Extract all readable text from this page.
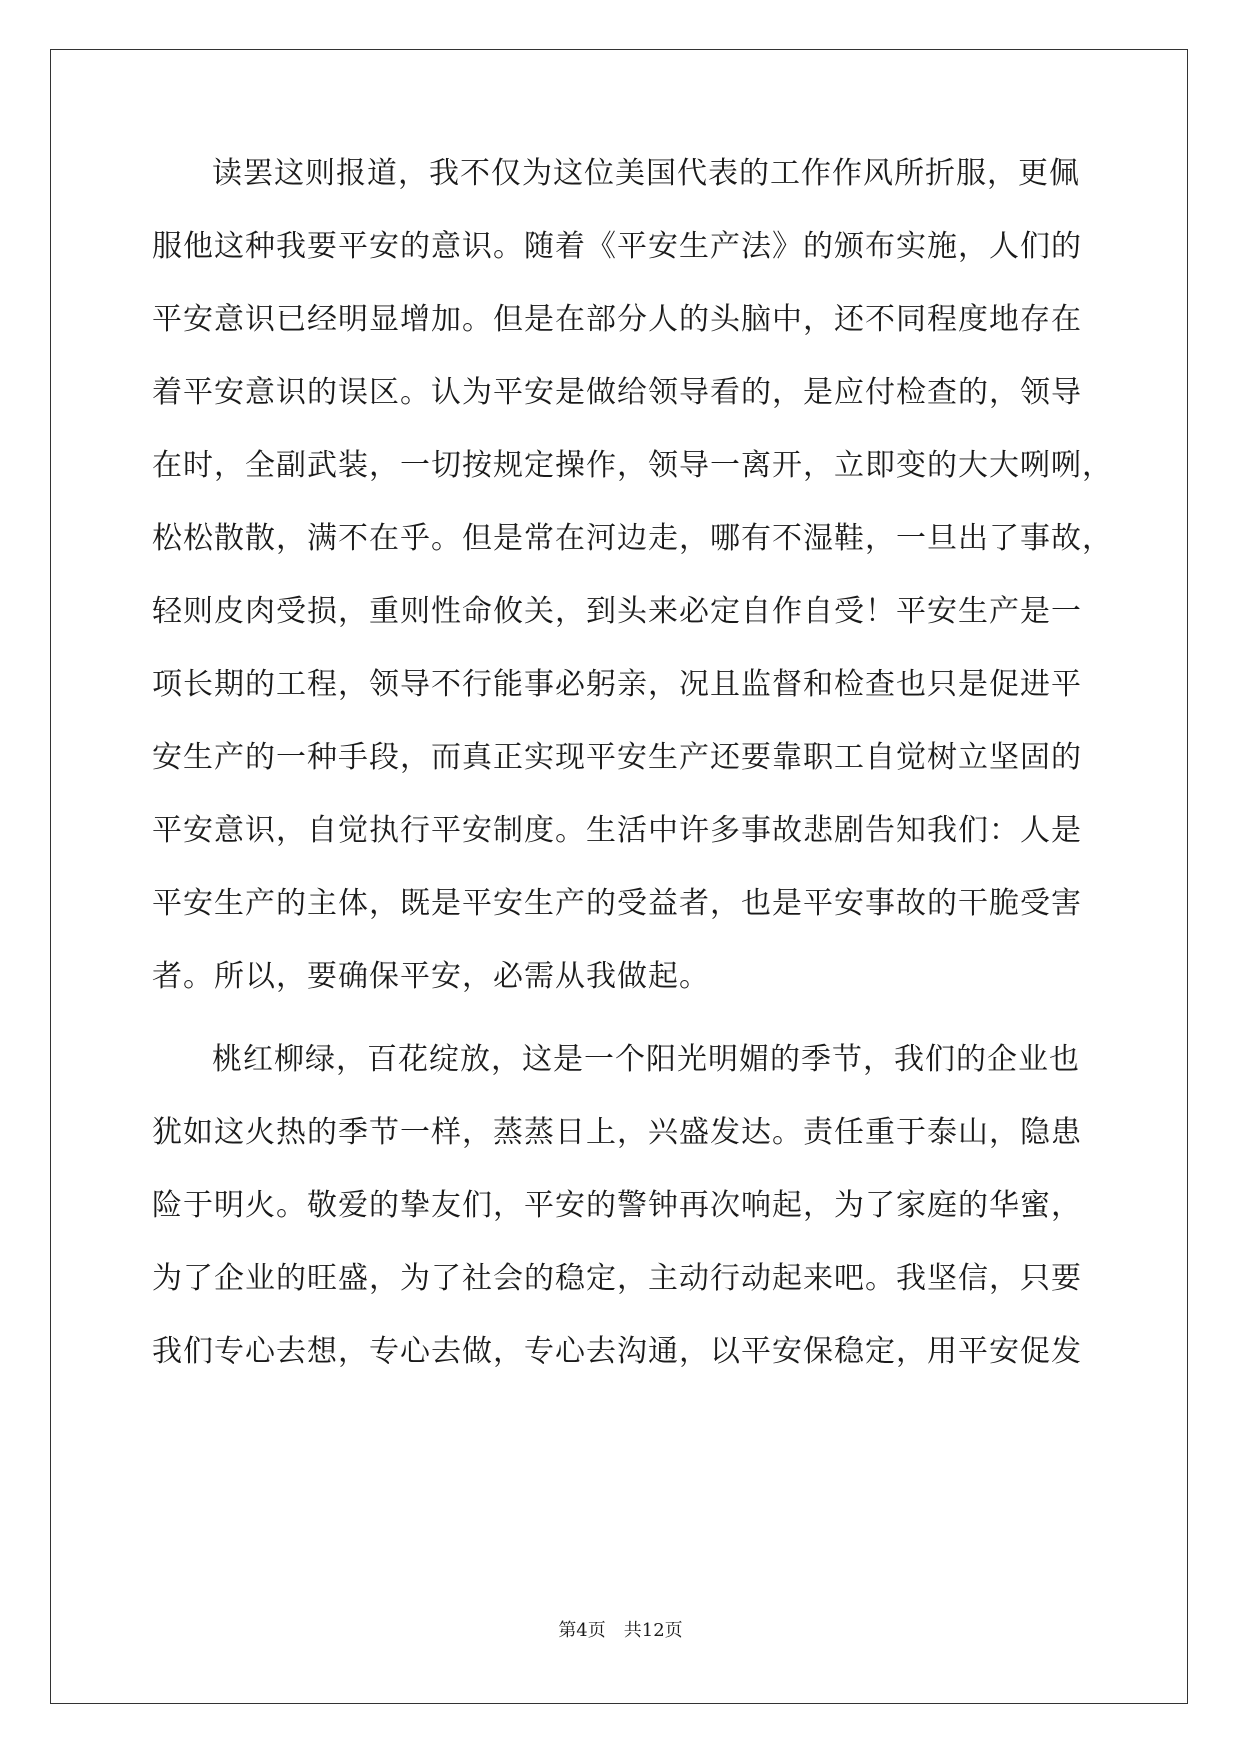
读罢这则报道，我不仅为这位美国代表的工作作风所折服，更佩
服他这种我要平安的意识。随着《平安生产法》的颁布实施，人们的
平安意识已经明显增加。但是在部分人的头脑中，还不同程度地存在
着平安意识的误区。认为平安是做给领导看的，是应付检查的，领导
在时，全副武装，一切按规定操作，领导一离开，立即变的大大咧咧，
松松散散，满不在乎。但是常在河边走，哪有不湿鞋，一旦出了事故，
轻则皮肉受损，重则性命攸关，到头来必定自作自受！平安生产是一
项长期的工程，领导不行能事必躬亲，况且监督和检查也只是促进平
安生产的一种手段，而真正实现平安生产还要靠职工自觉树立坚固的
平安意识，自觉执行平安制度。生活中许多事故悲剧告知我们：人是
平安生产的主体，既是平安生产的受益者，也是平安事故的干脆受害
者。所以，要确保平安，必需从我做起。
桃红柳绿，百花绽放，这是一个阳光明媚的季节，我们的企业也
犹如这火热的季节一样，蒸蒸日上，兴盛发达。责任重于泰山，隐患
险于明火。敬爱的挚友们，平安的警钟再次响起，为了家庭的华蜜，
为了企业的旺盛，为了社会的稳定，主动行动起来吧。我坚信，只要
我们专心去想，专心去做，专心去沟通，以平安保稳定，用平安促发
第4页　共12页
